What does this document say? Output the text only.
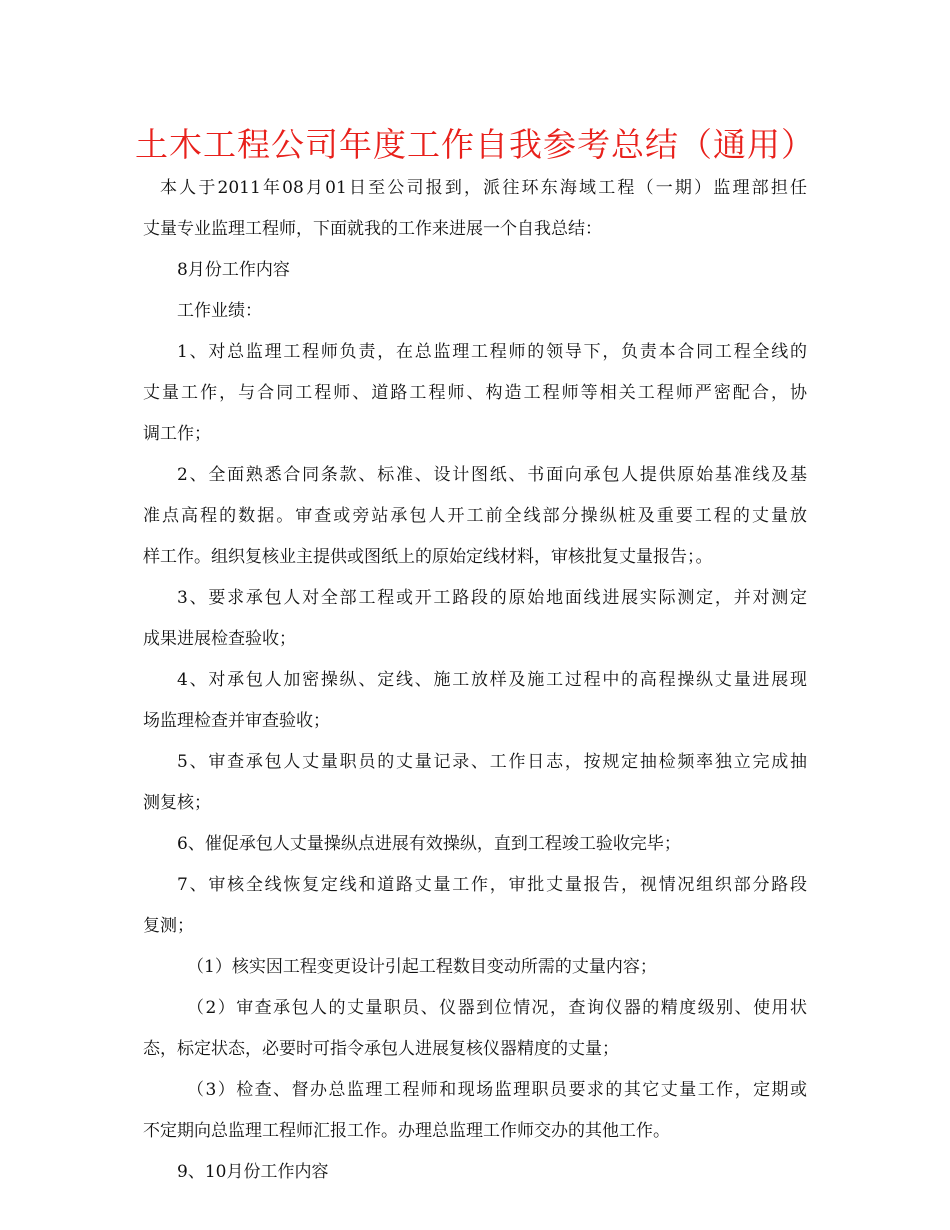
土木工程公司年度工作自我参考总结（通用）
本人于2011年08月01日至公司报到，派往环东海域工程（一期）监理部担任
丈量专业监理工程师，下面就我的工作来进展一个自我总结：
8月份工作内容
工作业绩：
1、对总监理工程师负责，在总监理工程师的领导下，负责本合同工程全线的
丈量工作，与合同工程师、道路工程师、构造工程师等相关工程师严密配合，协
调工作；
2、全面熟悉合同条款、标准、设计图纸、书面向承包人提供原始基准线及基
准点高程的数据。审查或旁站承包人开工前全线部分操纵桩及重要工程的丈量放
样工作。组织复核业主提供或图纸上的原始定线材料，审核批复丈量报告；。
3、要求承包人对全部工程或开工路段的原始地面线进展实际测定，并对测定
成果进展检查验收；
4、对承包人加密操纵、定线、施工放样及施工过程中的高程操纵丈量进展现
场监理检查并审查验收；
5、审查承包人丈量职员的丈量记录、工作日志，按规定抽检频率独立完成抽
测复核；
6、催促承包人丈量操纵点进展有效操纵，直到工程竣工验收完毕；
7、审核全线恢复定线和道路丈量工作，审批丈量报告，视情况组织部分路段
复测；
（1）核实因工程变更设计引起工程数目变动所需的丈量内容；
（2）审查承包人的丈量职员、仪器到位情况，查询仪器的精度级别、使用状
态，标定状态，必要时可指令承包人进展复核仪器精度的丈量；
（3）检查、督办总监理工程师和现场监理职员要求的其它丈量工作，定期或
不定期向总监理工程师汇报工作。办理总监理工作师交办的其他工作。
9、10月份工作内容
